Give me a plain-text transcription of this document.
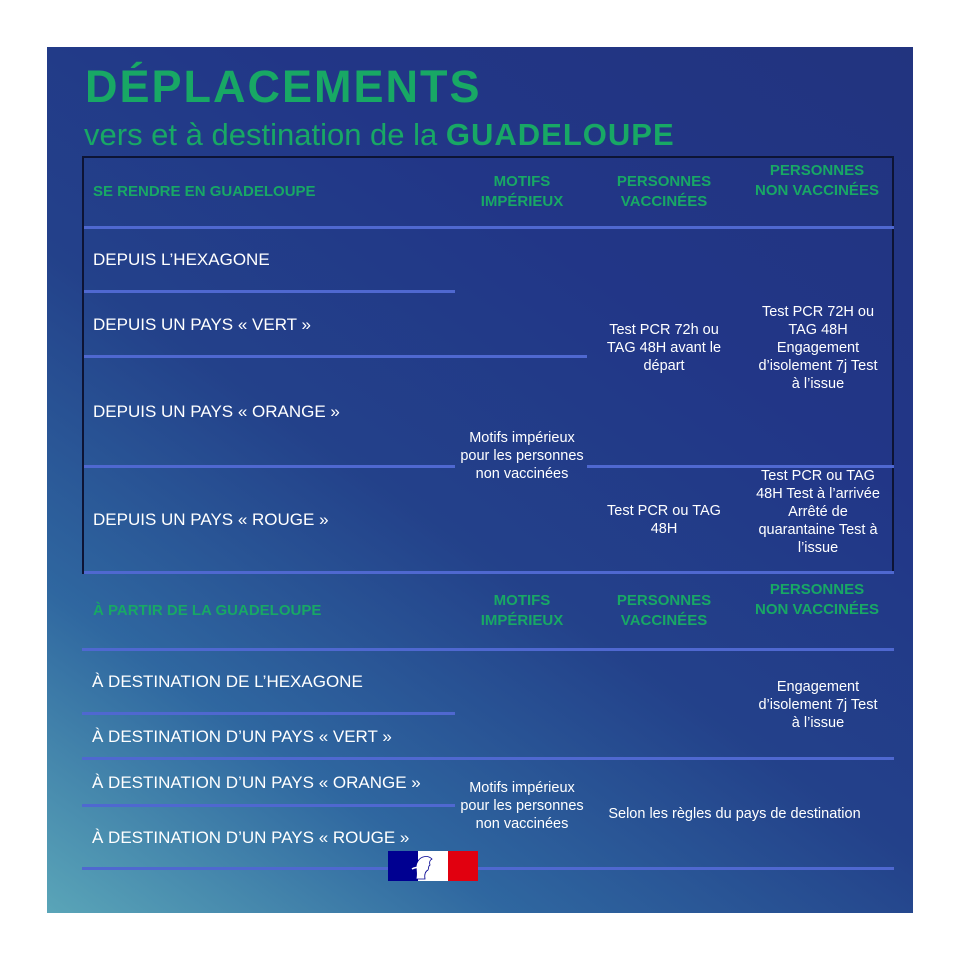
DÉPLACEMENTS
vers et à destination de la GUADELOUPE
SE RENDRE EN GUADELOUPE
MOTIFS IMPÉRIEUX
PERSONNES VACCINÉES
PERSONNES NON VACCINÉES
DEPUIS L’HEXAGONE
DEPUIS UN PAYS « VERT »
DEPUIS UN PAYS « ORANGE »
DEPUIS UN PAYS « ROUGE »
Motifs impérieux pour les personnes non vaccinées
Test PCR 72h ou TAG 48H avant le départ
Test PCR 72H ou TAG 48H Engagement d’isolement 7j Test à l’issue
Test PCR ou TAG 48H
Test PCR ou TAG 48H Test à l’arrivée Arrêté de quarantaine Test à l’issue
À PARTIR DE LA GUADELOUPE
MOTIFS IMPÉRIEUX
PERSONNES VACCINÉES
PERSONNES NON VACCINÉES
À DESTINATION DE L’HEXAGONE
À DESTINATION D’UN PAYS « VERT »
À DESTINATION D’UN PAYS « ORANGE »
À DESTINATION D’UN PAYS « ROUGE »
Engagement d’isolement 7j Test à l’issue
Motifs impérieux pour les personnes non vaccinées
Selon les règles du pays de destination
